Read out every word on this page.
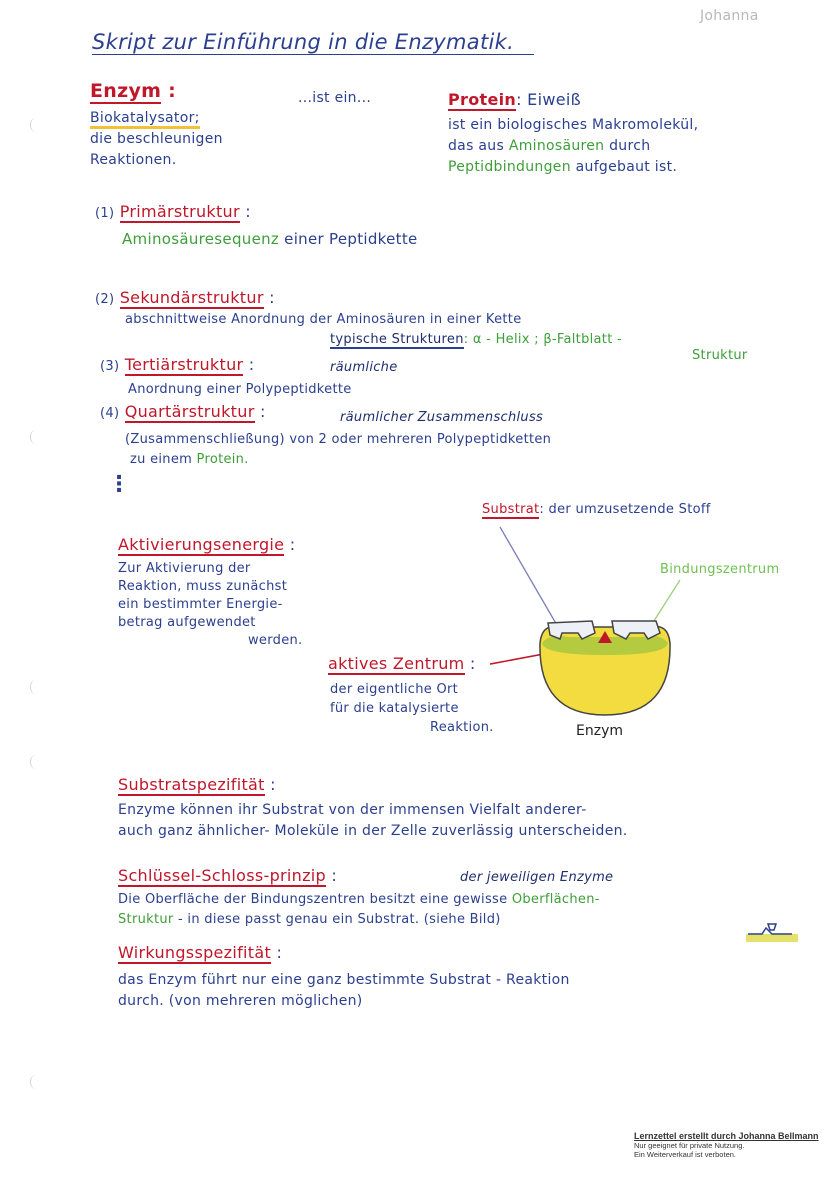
Johanna
Skript zur Einführung in die Enzymatik.
Enzym :
Biokatalysator;
die beschleunigen
Reaktionen.
...ist ein...	Protein: Eiweiß
ist ein biologisches Makromolekül,
das aus Aminosäuren durch
Peptidbindungen aufgebaut ist.
(1) Primärstruktur :
Aminosäuresequenz einer Peptidkette
(2) Sekundärstruktur :
abschnittweise Anordnung der Aminosäuren in einer Kette
typische Strukturen: α - Helix ; β-Faltblatt -
Struktur
(3) Tertiärstruktur :	räumliche
Anordnung einer Polypeptidkette
(4) Quartärstruktur :	räumlicher Zusammenschluss
(Zusammenschließung) von 2 oder mehreren Polypeptidketten
zu einem Protein.
⋮
Substrat: der umzusetzende Stoff
Bindungszentrum
Aktivierungsenergie :
Zur Aktivierung der
Reaktion, muss zunächst
ein bestimmter Energie-
betrag aufgewendet
werden.
aktives Zentrum :
der eigentliche Ort
für die katalysierte
Reaktion.	Enzym
Substratspezifität :
Enzyme können ihr Substrat von der immensen Vielfalt anderer-
auch ganz ähnlicher- Moleküle in der Zelle zuverlässig unterscheiden.
Schlüssel-Schloss-prinzip :	der jeweiligen Enzyme
Die Oberfläche der Bindungszentren besitzt eine gewisse Oberflächen-
Struktur - in diese passt genau ein Substrat. (siehe Bild)
Wirkungsspezifität :
das Enzym führt nur eine ganz bestimmte Substrat - Reaktion
durch. (von mehreren möglichen)
Lernzettel erstellt durch Johanna Bellmann
Nur geeignet für private Nutzung.
Ein Weiterverkauf ist verboten.
